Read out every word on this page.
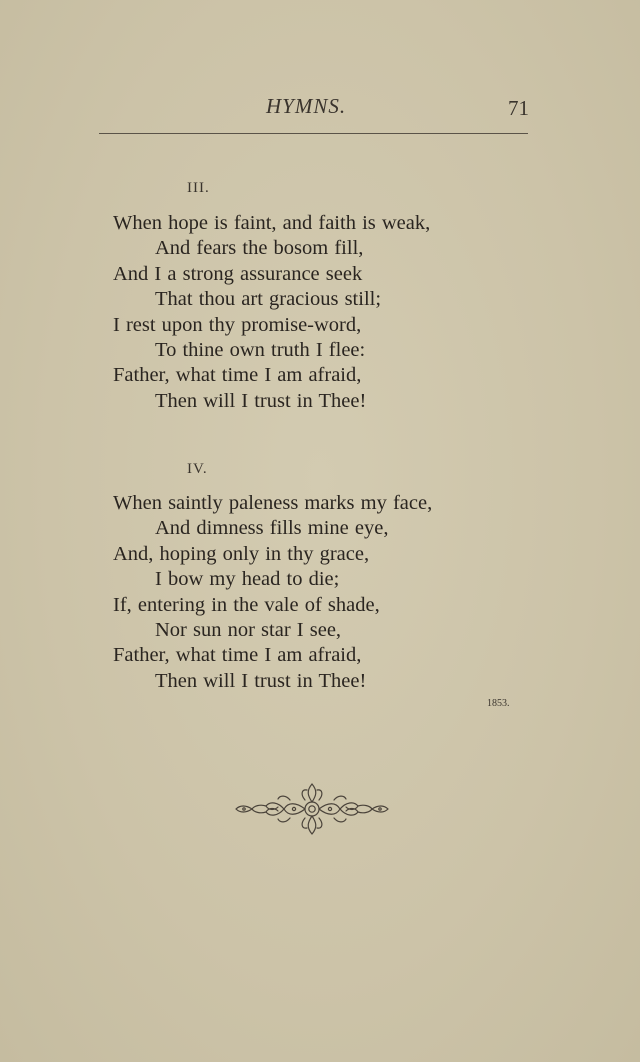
HYMNS.	71
III.
When hope is faint, and faith is weak,
And fears the bosom fill,
And I a strong assurance seek
That thou art gracious still;
I rest upon thy promise-word,
To thine own truth I flee:
Father, what time I am afraid,
Then will I trust in Thee!
IV.
When saintly paleness marks my face,
And dimness fills mine eye,
And, hoping only in thy grace,
I bow my head to die;
If, entering in the vale of shade,
Nor sun nor star I see,
Father, what time I am afraid,
Then will I trust in Thee!
1853.
